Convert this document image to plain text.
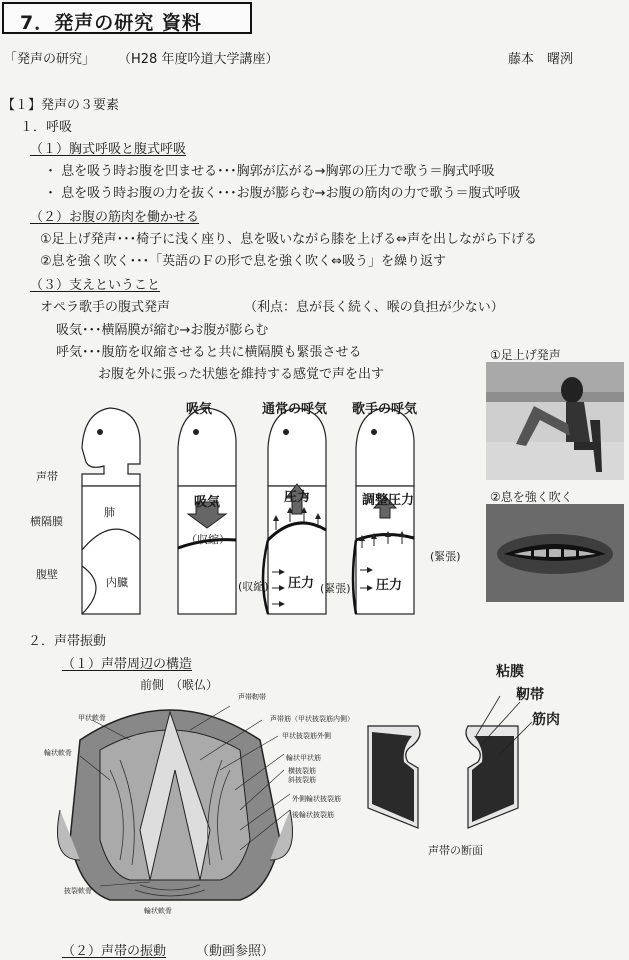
7．発声の研究 資料
「発声の研究」 （H28 年度吟道大学講座）	藤本　曙洌
【１】発声の３要素
１．呼吸
（１）胸式呼吸と腹式呼吸
・ 息を吸う時お腹を凹ませる･･･胸郭が広がる→胸郭の圧力で歌う＝胸式呼吸
・ 息を吸う時お腹の力を抜く･･･お腹が膨らむ→お腹の筋肉の力で歌う＝腹式呼吸
（２）お腹の筋肉を働かせる
①足上げ発声･･･椅子に浅く座り、息を吸いながら膝を上げる⇔声を出しながら下げる
②息を強く吹く･･･「英語のＦの形で息を強く吹く⇔吸う」を繰り返す
（３）支えということ
オペラ歌手の腹式発声	（利点：息が長く続く、喉の負担が少ない）
吸気･･･横隔膜が縮む→お腹が膨らむ
呼気･･･腹筋を収縮させると共に横隔膜も緊張させる
お腹を外に張った状態を維持する感覚で声を出す
声帯
横隔膜
腹壁
肺
内臓
吸気	通常の呼気 歌手の呼気
吸気
（収縮）
圧力	調整圧力
圧力	圧力
(収縮)	(緊張)
(緊張)
①足上げ発声
②息を強く吹く
２．声帯振動
（１）声帯周辺の構造
前側　（喉仏）
甲状軟骨
輪状軟骨
披裂軟骨
輪状軟骨
声帯靭帯
声帯筋（甲状披裂筋内側）
甲状披裂筋外側
輪状甲状筋
横披裂筋
斜披裂筋
外側輪状披裂筋
後輪状披裂筋
粘膜
靭帯
筋肉
声帯の断面
（２）声帯の振動 （動画参照）
